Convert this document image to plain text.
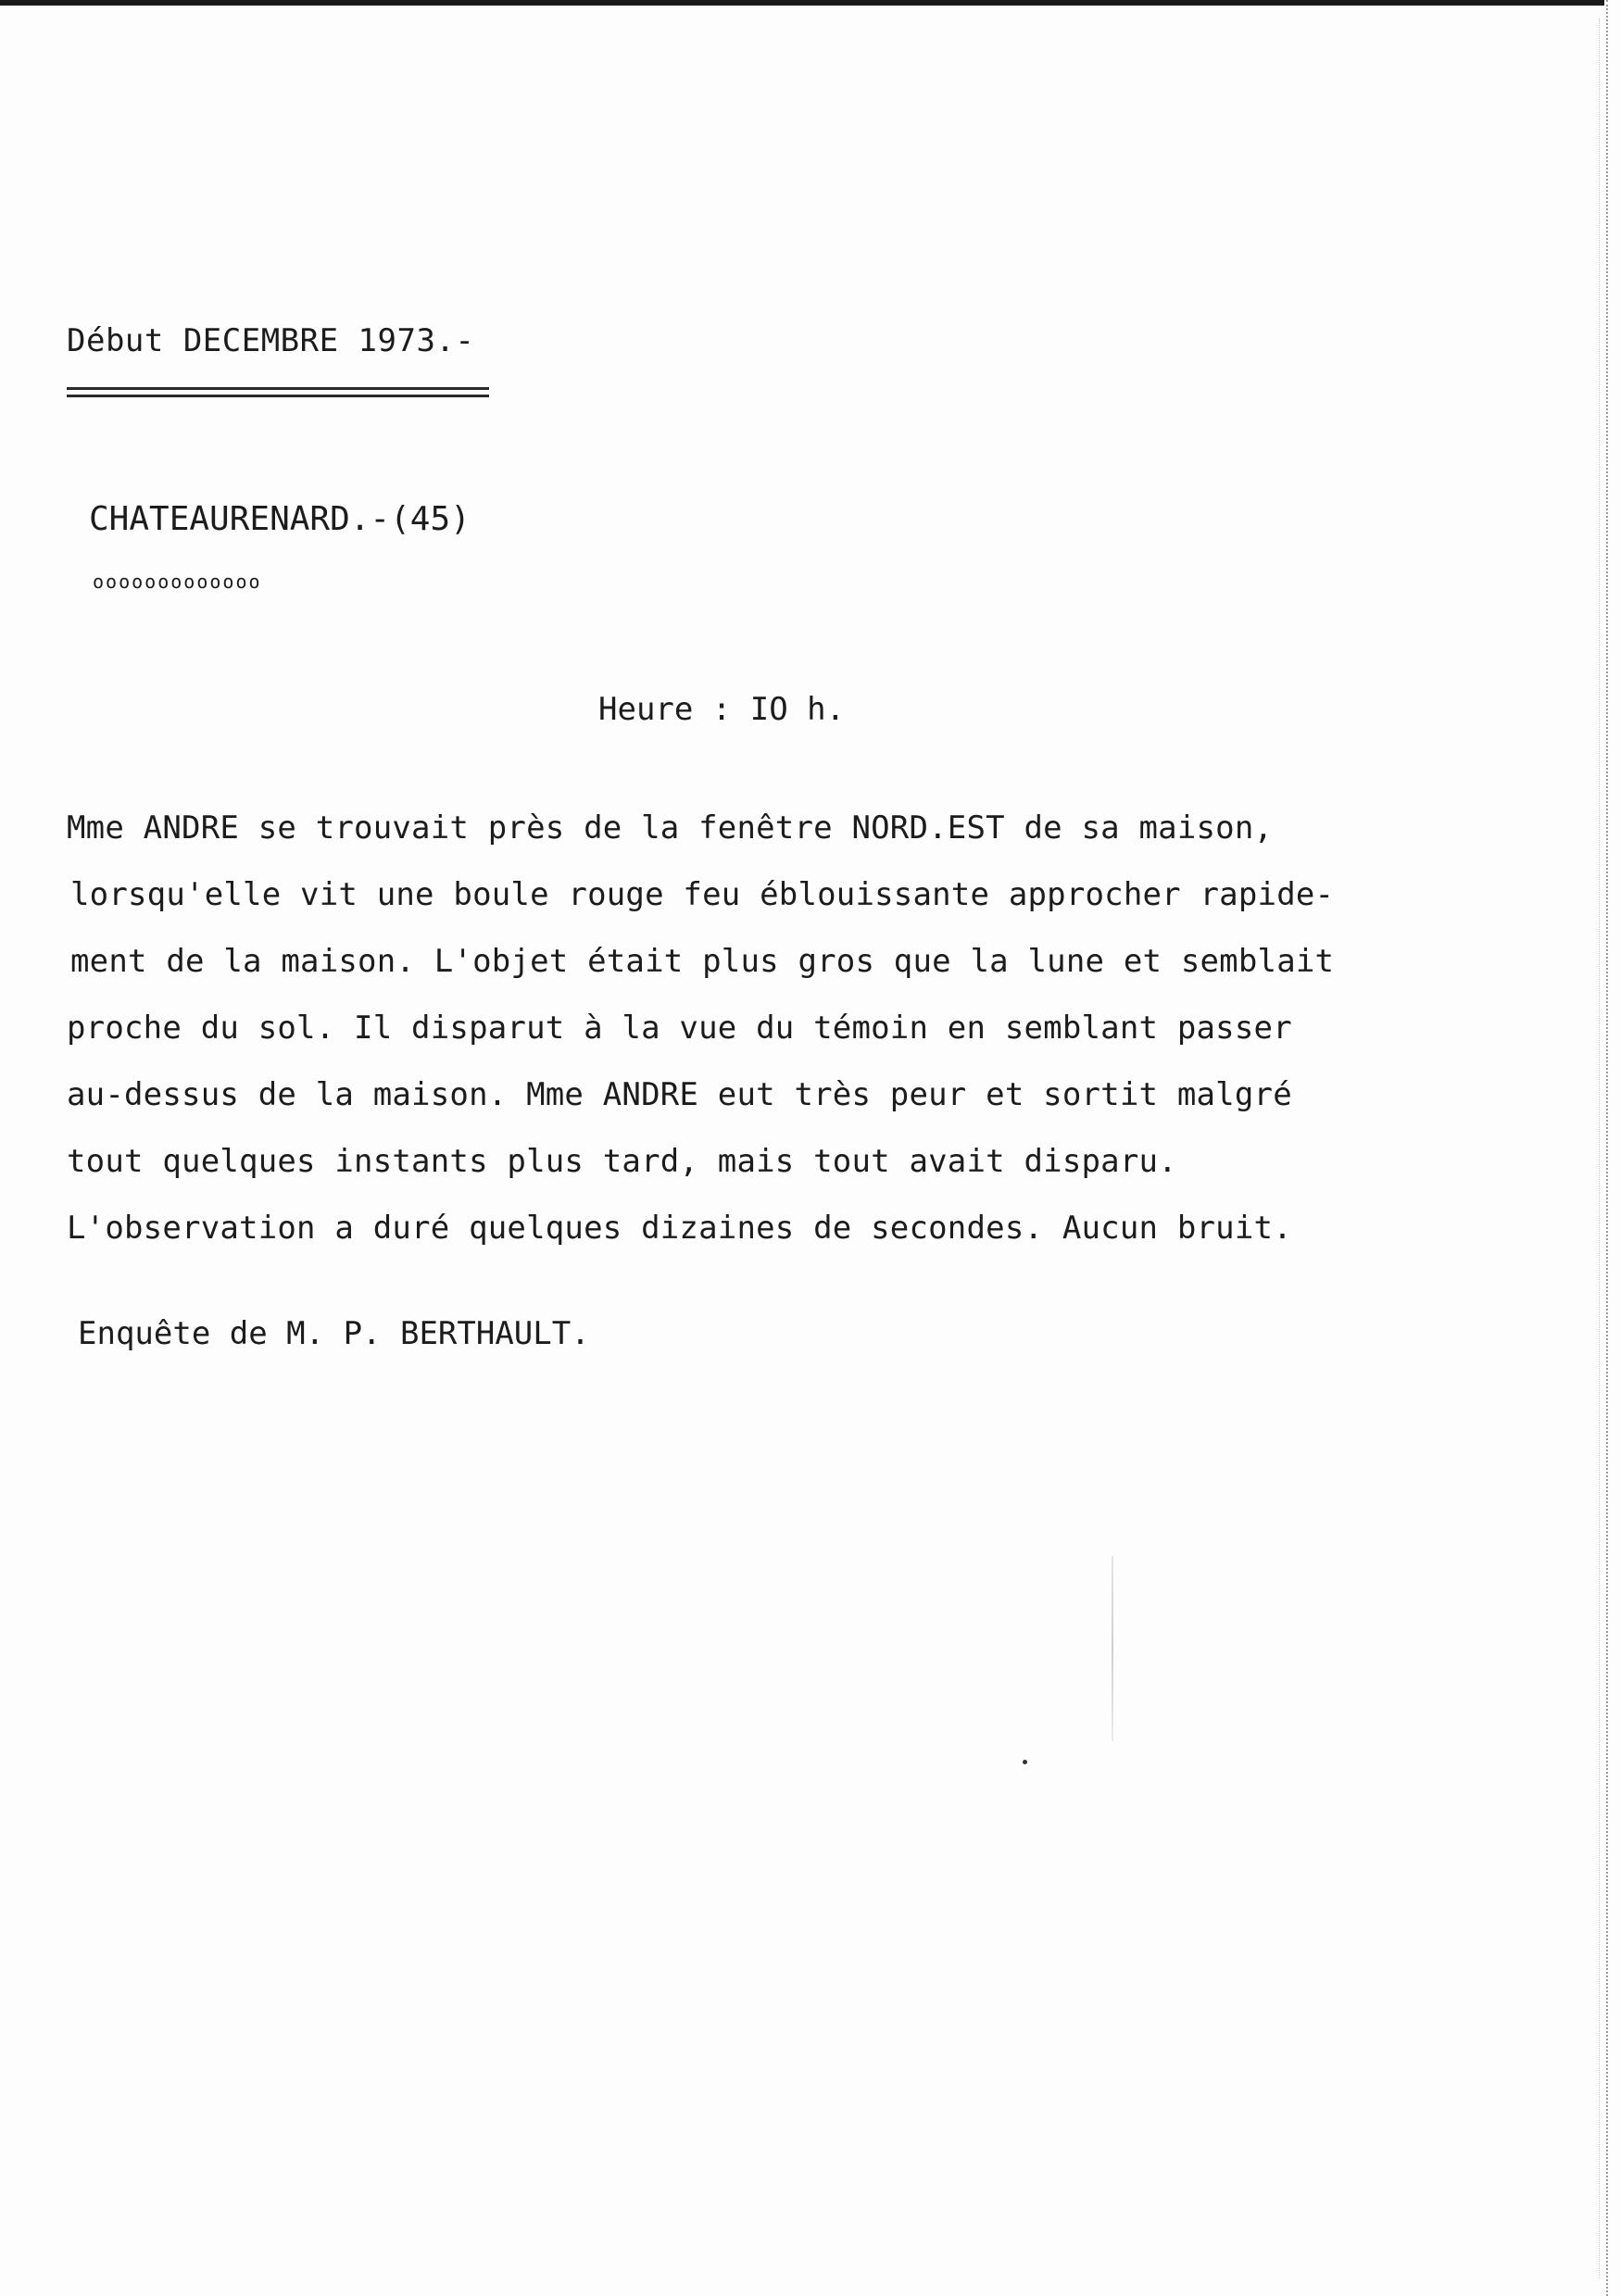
Début DECEMBRE 1973.-
CHATEAURENARD.-(45)
ooooooooooooo
Heure : IO h.
Mme ANDRE se trouvait près de la fenêtre NORD.EST de sa maison,
lorsqu'elle vit une boule rouge feu éblouissante approcher rapide-
ment de la maison. L'objet était plus gros que la lune et semblait
proche du sol. Il disparut à la vue du témoin en semblant passer
au-dessus de la maison. Mme ANDRE eut très peur et sortit malgré
tout quelques instants plus tard, mais tout avait disparu.
L'observation a duré quelques dizaines de secondes. Aucun bruit.
Enquête de M. P. BERTHAULT.
